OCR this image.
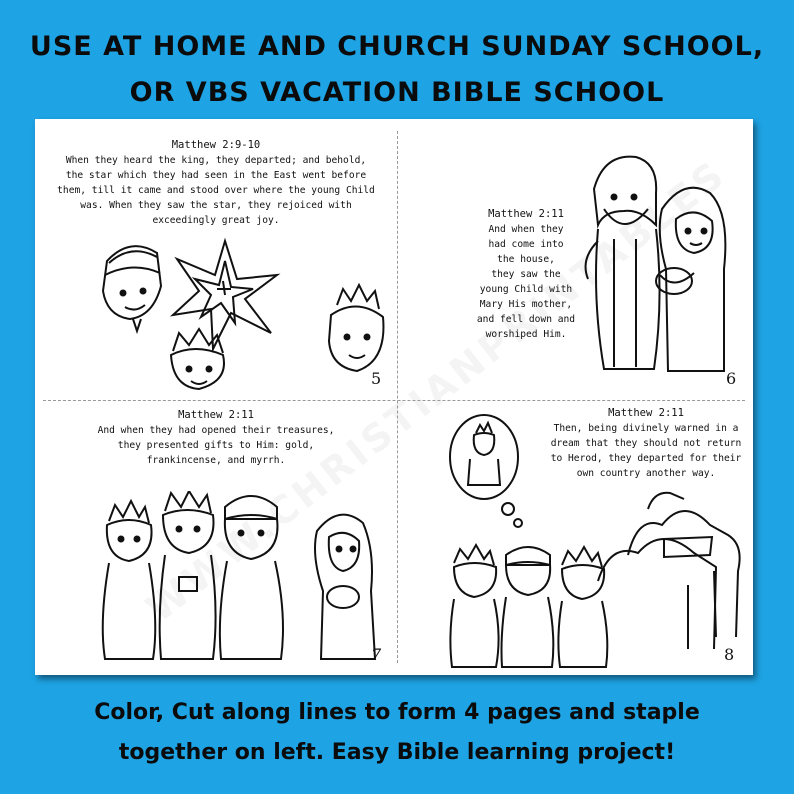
USE AT HOME AND CHURCH SUNDAY SCHOOL,
OR VBS VACATION BIBLE SCHOOL
Matthew 2:9-10
When they heard the king, they departed; and behold,
the star which they had seen in the East went before
them, till it came and stood over where the young Child
was. When they saw the star, they rejoiced with
exceedingly great joy.
5
Matthew 2:11
And when they
had come into
the house,
they saw the
young Child with
Mary His mother,
and fell down and
worshiped Him.
6
Matthew 2:11
And when they had opened their treasures,
they presented gifts to Him: gold,
frankincense, and myrrh.
7
Matthew 2:11
Then, being divinely warned in a
dream that they should not return
to Herod, they departed for their
own country another way.
8
Color, Cut along lines to form 4 pages and staple
together on left. Easy Bible learning project!
